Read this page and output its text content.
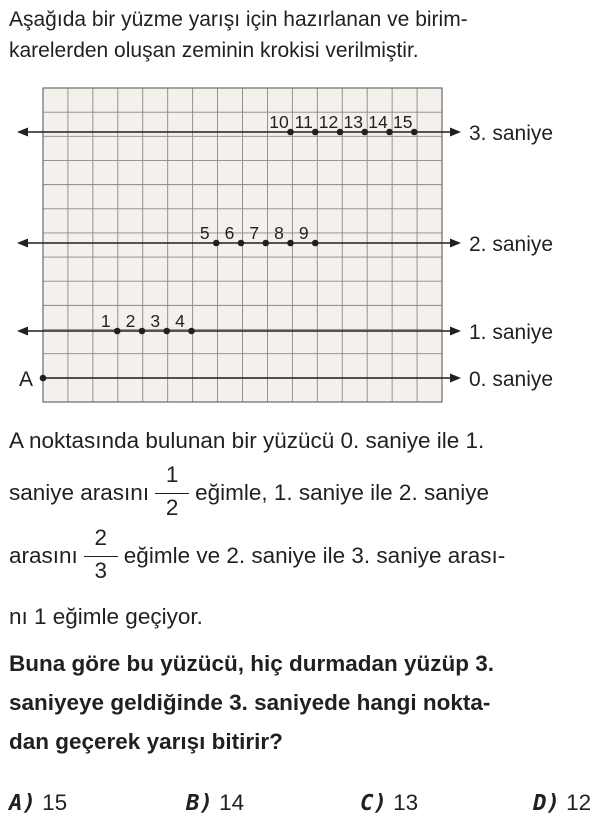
Aşağıda bir yüzme yarışı için hazırlanan ve birim-
karelerden oluşan zeminin krokisi verilmiştir.
3. saniye
10 11 12 13 14 15
2. saniye
5 6 7 8 9
1. saniye
1 2 3 4
0. saniye
A
A noktasında bulunan bir yüzücü 0. saniye ile 1.
saniye arasını $\frac{1}{2}$ eğimle, 1. saniye ile 2. saniye
arasını $\frac{2}{3}$ eğimle ve 2. saniye ile 3. saniye arası-
nı 1 eğimle geçiyor.
Buna göre bu yüzücü, hiç durmadan yüzüp 3.
saniyeye geldiğinde 3. saniyede hangi nokta-
dan geçerek yarışı bitirir?
A) 15	B) 14	C) 13	D) 12
